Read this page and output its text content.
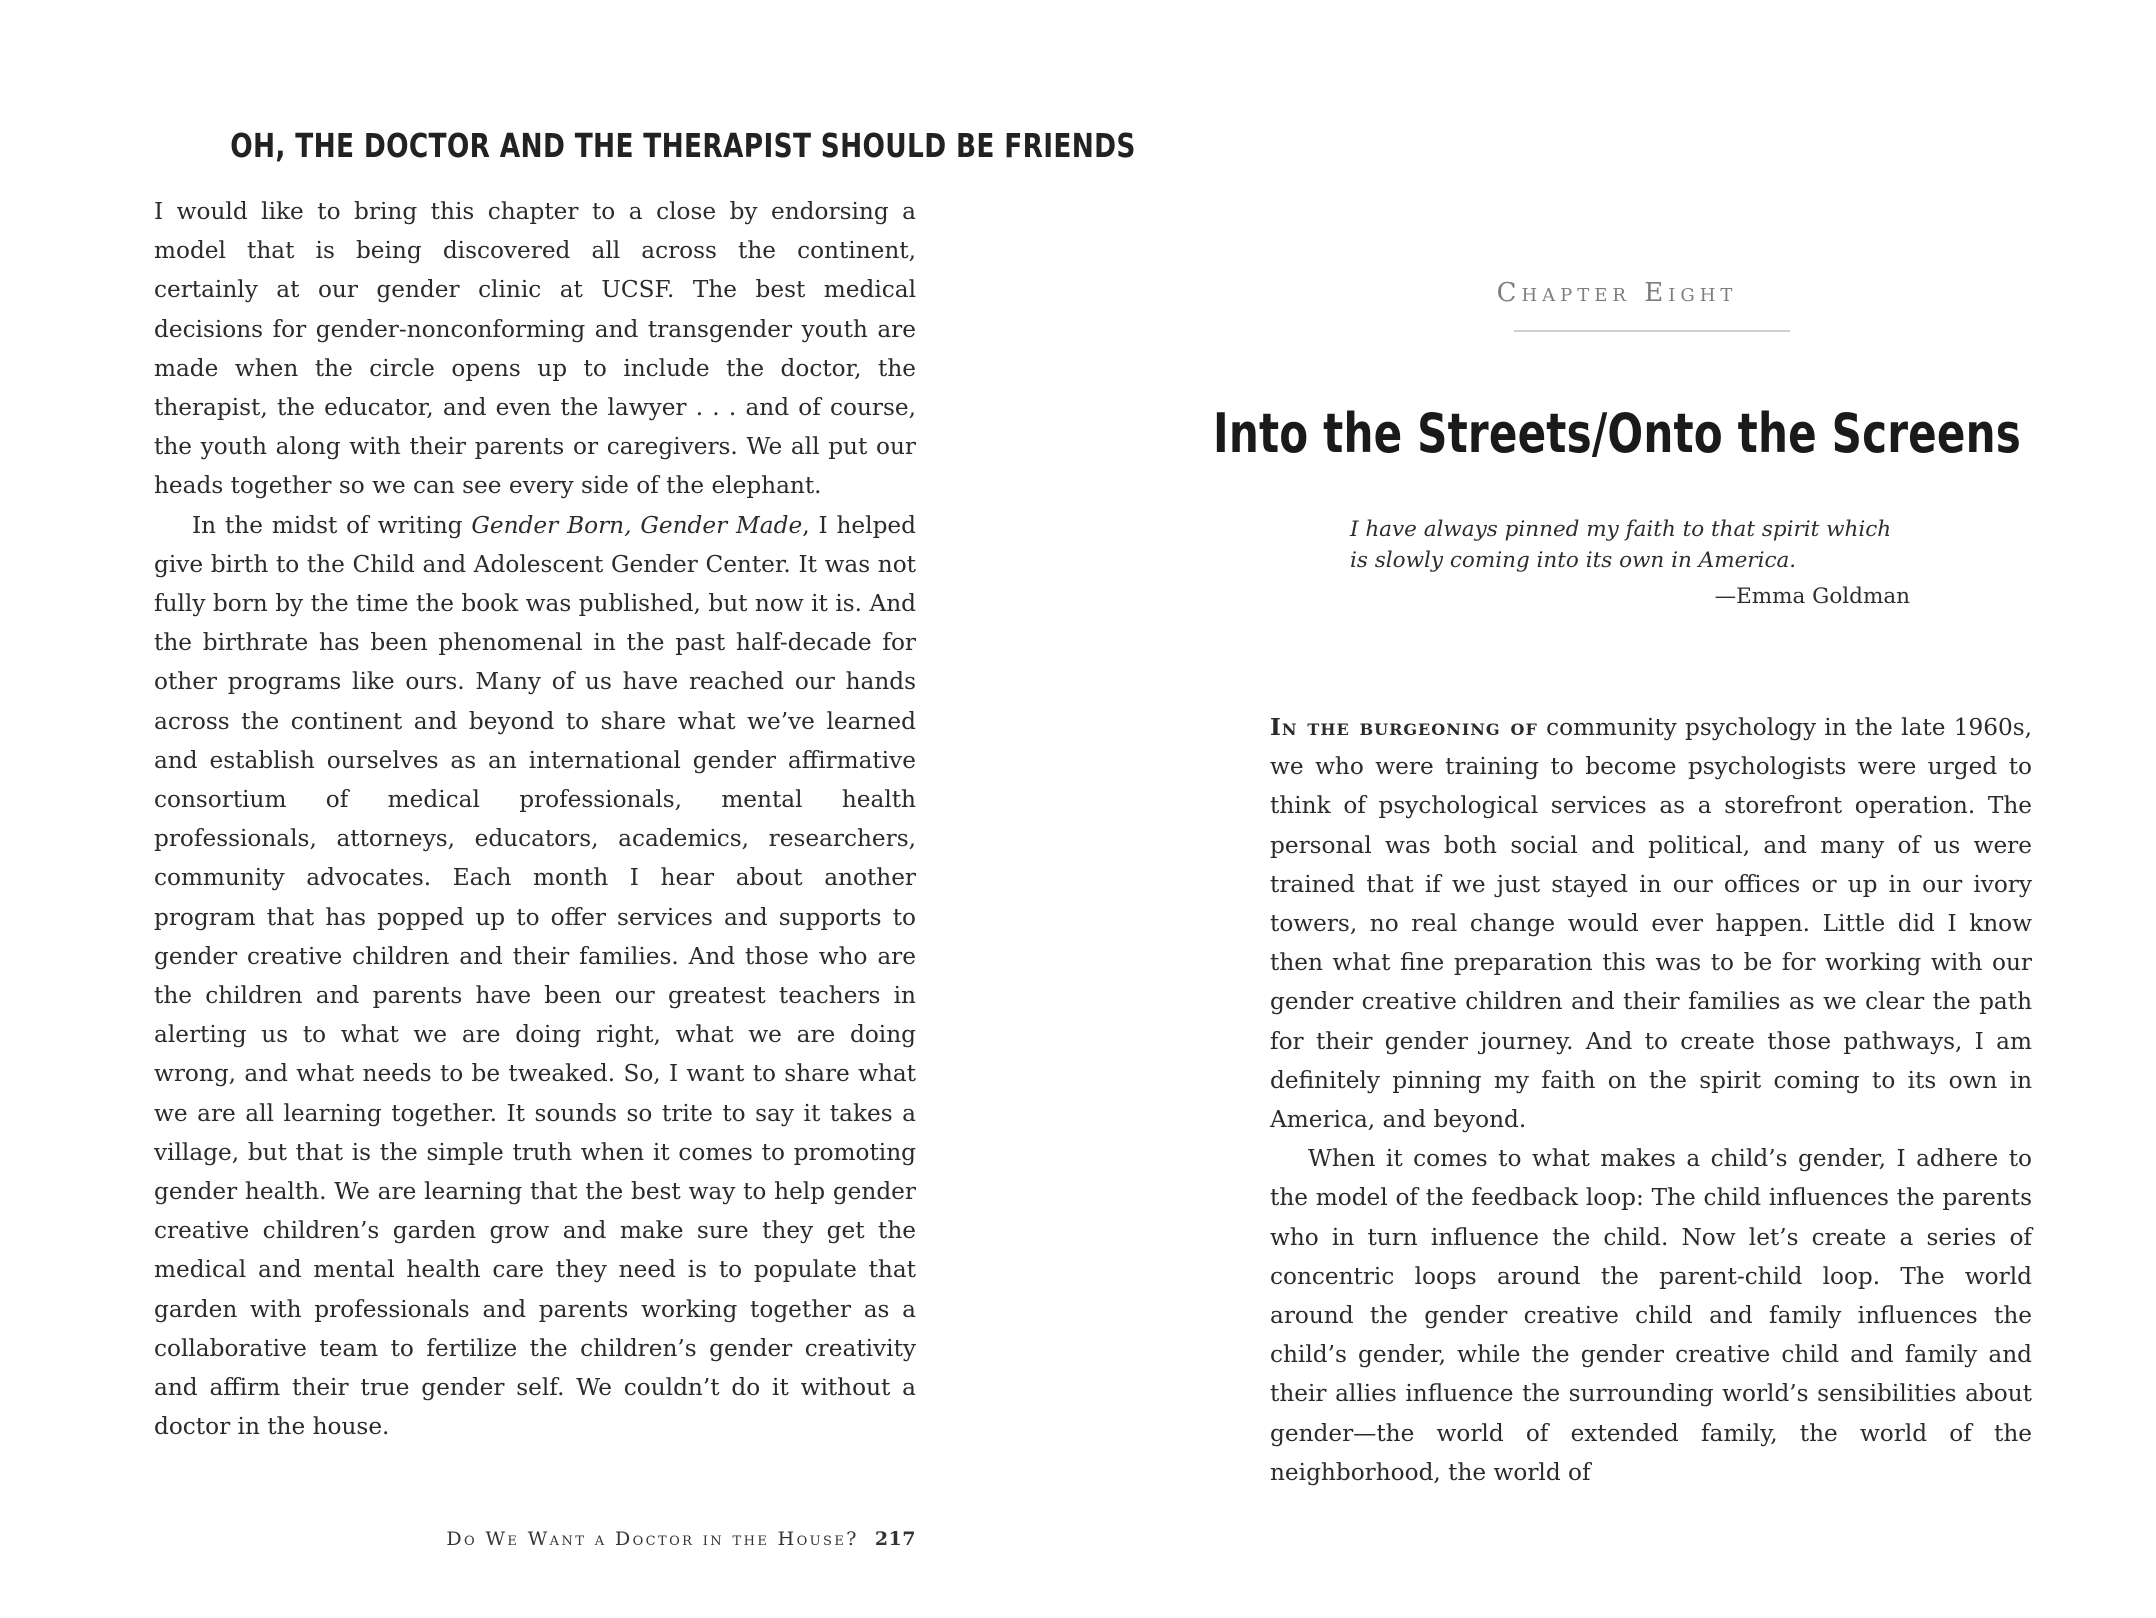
OH, THE DOCTOR AND THE THERAPIST SHOULD BE FRIENDS

I would like to bring this chapter to a close by endorsing a model that is being discovered all across the continent, certainly at our gender clinic at UCSF. The best medical decisions for gender-nonconforming and transgender youth are made when the circle opens up to include the doctor, the therapist, the educator, and even the lawyer . . . and of course, the youth along with their parents or caregivers. We all put our heads together so we can see every side of the elephant.

In the midst of writing Gender Born, Gender Made, I helped give birth to the Child and Adolescent Gender Center. It was not fully born by the time the book was published, but now it is. And the birthrate has been phenomenal in the past half-decade for other programs like ours. Many of us have reached our hands across the continent and beyond to share what we’ve learned and establish ourselves as an international gender affirmative consortium of medical professionals, mental health professionals, attorneys, educators, academics, researchers, community advocates. Each month I hear about another program that has popped up to offer services and supports to gender creative children and their families. And those who are the children and parents have been our greatest teachers in alerting us to what we are doing right, what we are doing wrong, and what needs to be tweaked. So, I want to share what we are all learning together. It sounds so trite to say it takes a village, but that is the simple truth when it comes to promoting gender health. We are learning that the best way to help gender creative children’s garden grow and make sure they get the medical and mental health care they need is to populate that garden with professionals and parents working together as a collaborative team to fertilize the children’s gender creativity and affirm their true gender self. We couldn’t do it without a doctor in the house.

Do We Want a Doctor in the House? 217
Chapter Eight
Into the Streets/Onto the Screens

I have always pinned my faith to that spirit which is slowly coming into its own in America.

—Emma Goldman

In the burgeoning of community psychology in the late 1960s, we who were training to become psychologists were urged to think of psychological services as a storefront operation. The personal was both social and political, and many of us were trained that if we just stayed in our offices or up in our ivory towers, no real change would ever happen. Little did I know then what fine preparation this was to be for working with our gender creative children and their families as we clear the path for their gender journey. And to create those pathways, I am definitely pinning my faith on the spirit coming to its own in America, and beyond.

When it comes to what makes a child’s gender, I adhere to the model of the feedback loop: The child influences the parents who in turn influence the child. Now let’s create a series of concentric loops around the parent-child loop. The world around the gender creative child and family influences the child’s gender, while the gender creative child and family and their allies influence the surrounding world’s sensibilities about gender—the world of extended family, the world of the neighborhood, the world of
